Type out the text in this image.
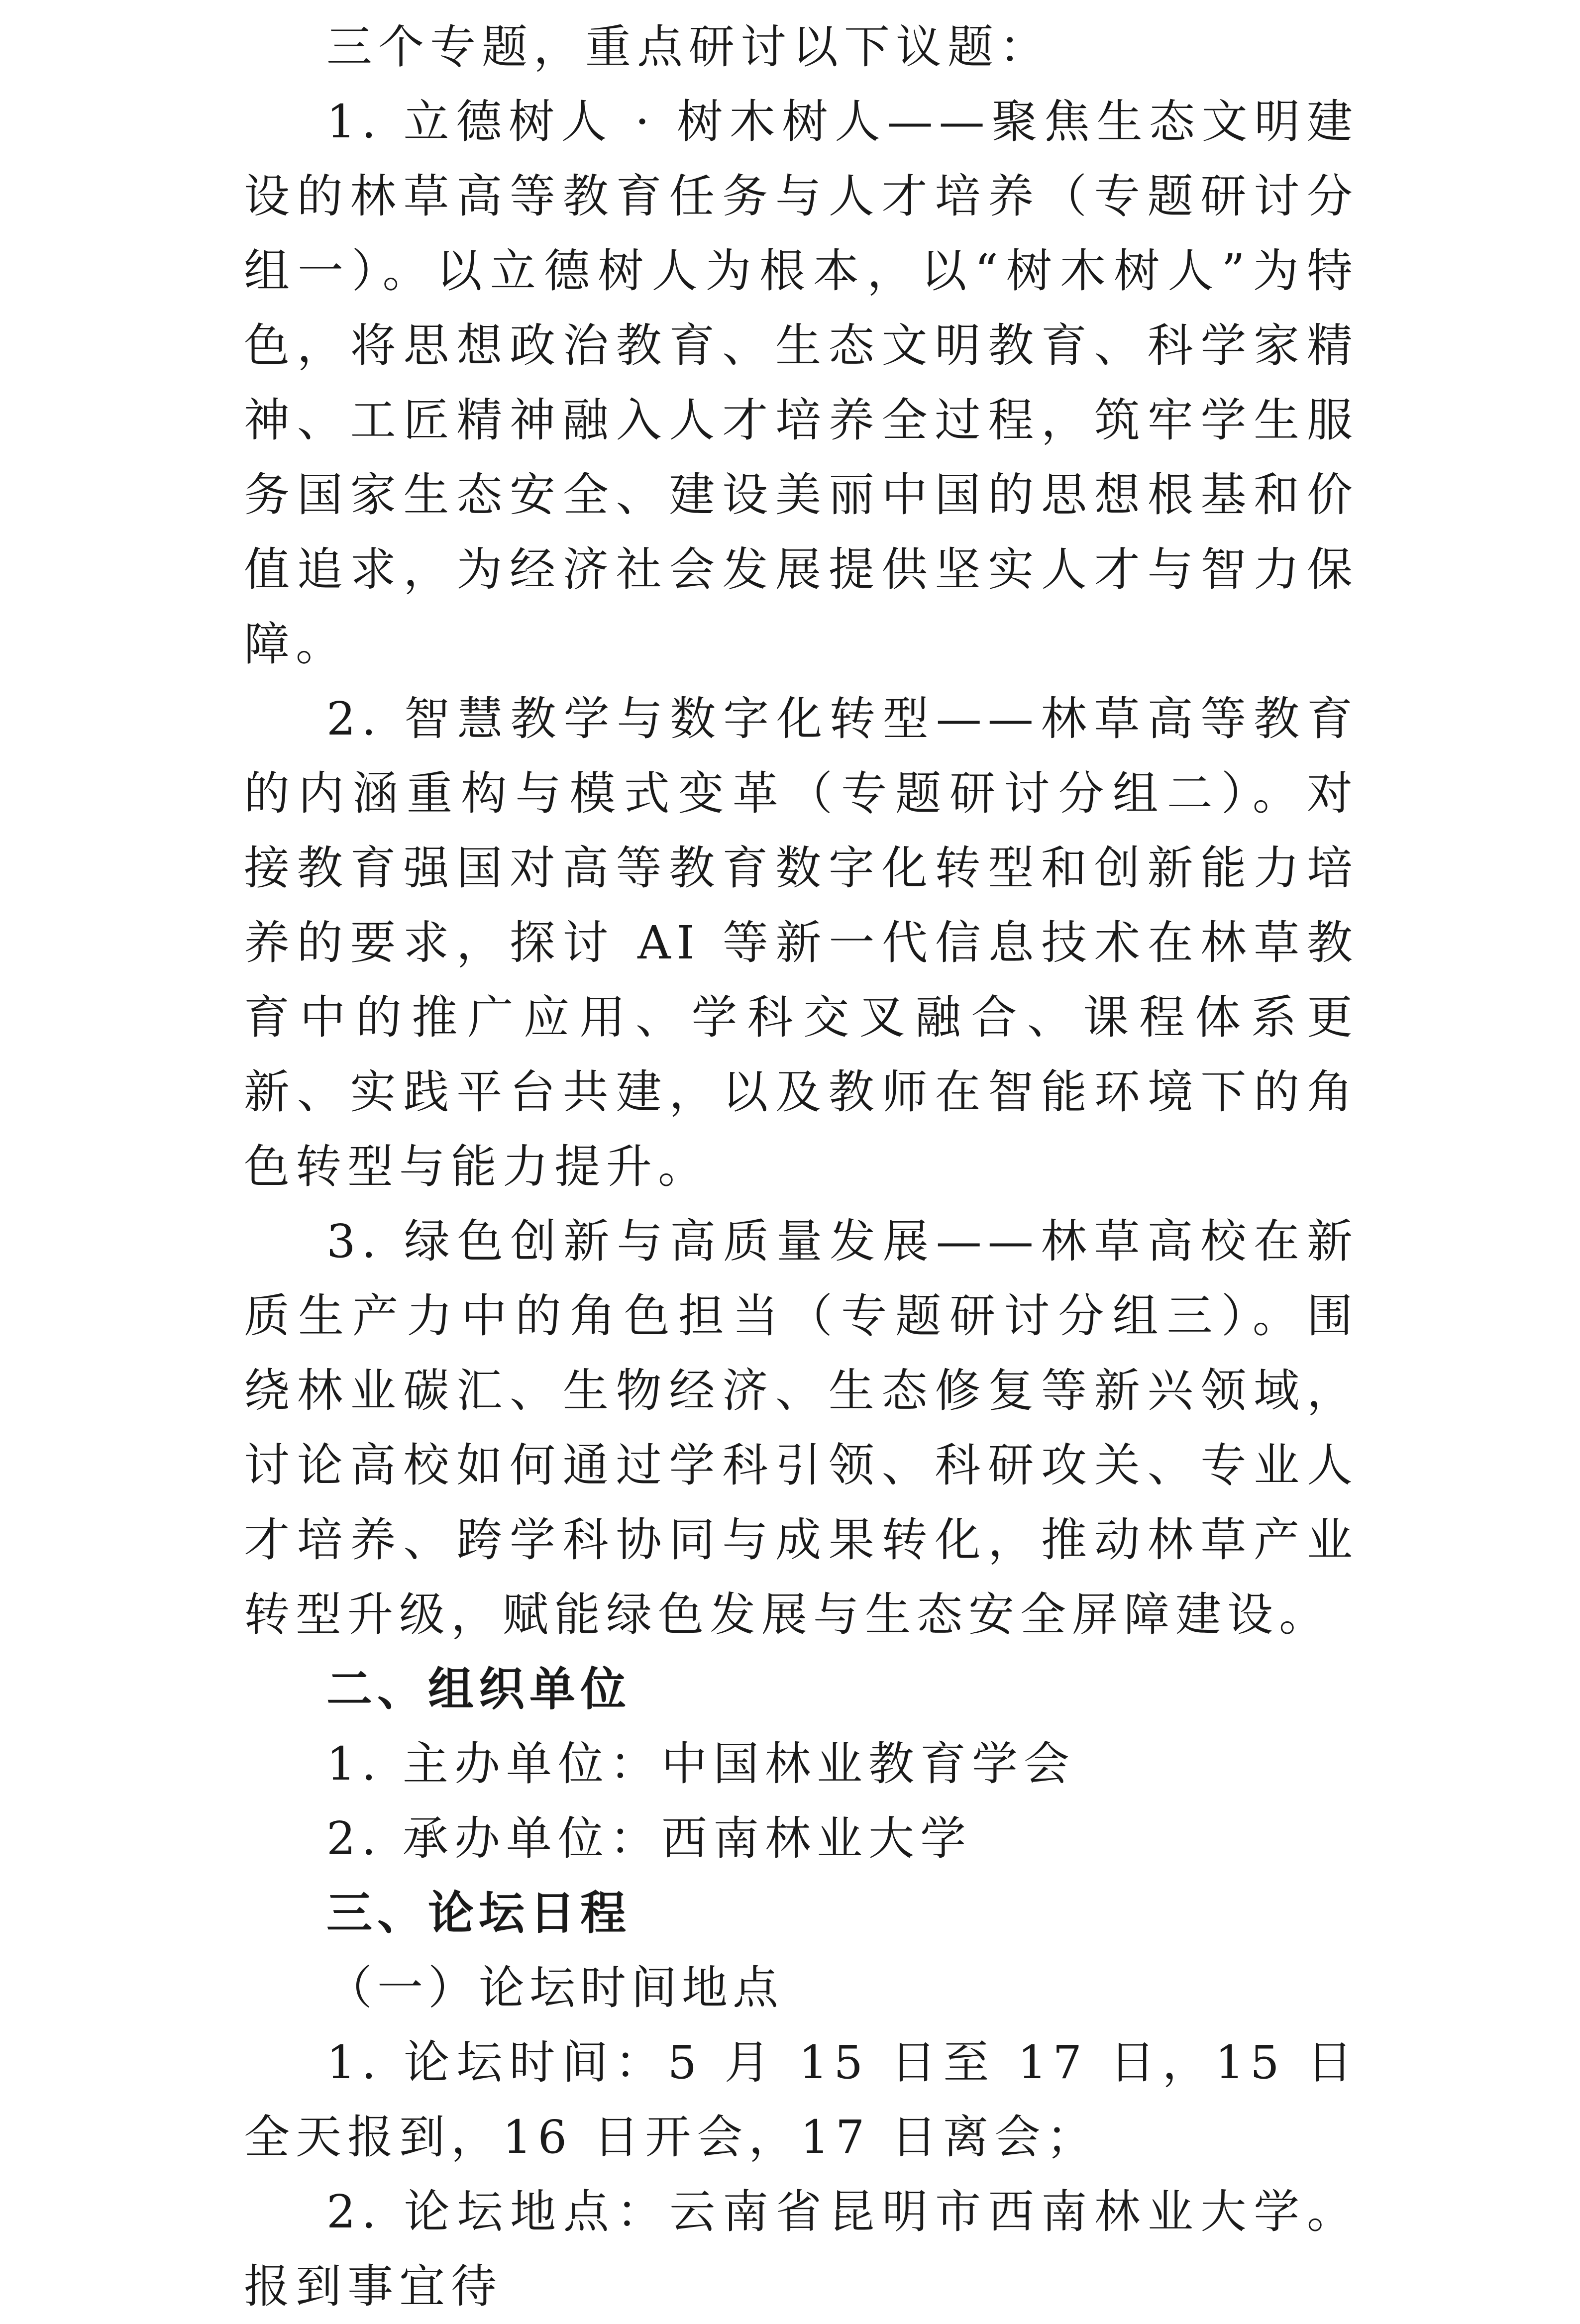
三个专题，重点研讨以下议题：

1. 立德树人 · 树木树人——聚焦生态文明建设的林草高等教育任务与人才培养（专题研讨分组一）。以立德树人为根本，以“树木树人”为特色，将思想政治教育、生态文明教育、科学家精神、工匠精神融入人才培养全过程，筑牢学生服务国家生态安全、建设美丽中国的思想根基和价值追求，为经济社会发展提供坚实人才与智力保障。

2. 智慧教学与数字化转型——林草高等教育的内涵重构与模式变革（专题研讨分组二）。对接教育强国对高等教育数字化转型和创新能力培养的要求，探讨 AI 等新一代信息技术在林草教育中的推广应用、学科交叉融合、课程体系更新、实践平台共建，以及教师在智能环境下的角色转型与能力提升。

3. 绿色创新与高质量发展——林草高校在新质生产力中的角色担当（专题研讨分组三）。围绕林业碳汇、生物经济、生态修复等新兴领域，讨论高校如何通过学科引领、科研攻关、专业人才培养、跨学科协同与成果转化，推动林草产业转型升级，赋能绿色发展与生态安全屏障建设。

二、组织单位

1. 主办单位：中国林业教育学会

2. 承办单位：西南林业大学

三、论坛日程

（一）论坛时间地点

1. 论坛时间：5 月 15 日至 17 日，15 日全天报到，16 日开会，17 日离会；

2. 论坛地点：云南省昆明市西南林业大学。报到事宜待
